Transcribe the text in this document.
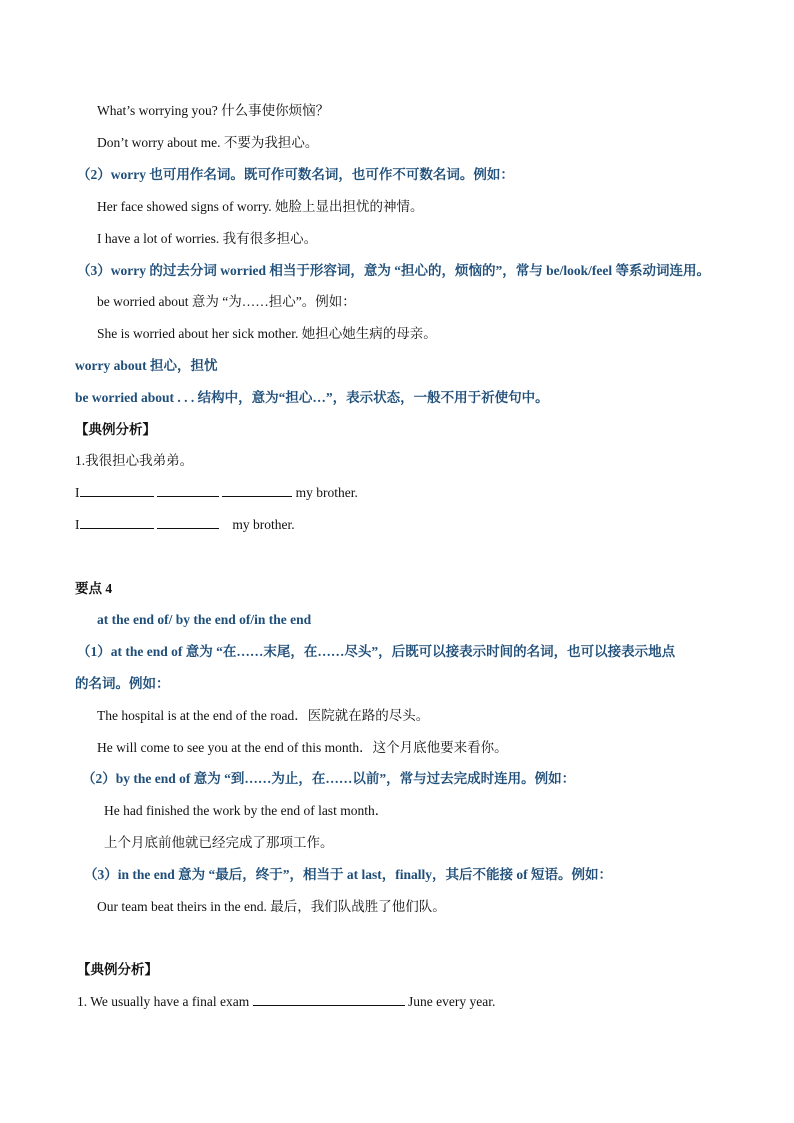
What’s worrying you? 什么事使你烦恼？
Don’t worry about me. 不要为我担心。
（2）worry 也可用作名词。既可作可数名词，也可作不可数名词。例如：
Her face showed signs of worry. 她脸上显出担忧的神情。
I have a lot of worries. 我有很多担心。
（3）worry 的过去分词 worried 相当于形容词，意为 “担心的，烦恼的”，常与 be/look/feel 等系动词连用。
be worried about 意为 “为……担心”。例如：
She is worried about her sick mother. 她担心她生病的母亲。
worry about 担心，担忧
be worried about . . . 结构中，意为“担心…”，表示状态，一般不用于祈使句中。
【典例分析】
1.我很担心我弟弟。
I	my brother.
I	my brother.
要点 4
at the end of/ by the end of/in the end
（1）at the end of 意为 “在……末尾，在……尽头”，后既可以接表示时间的名词，也可以接表示地点
的名词。例如：
The hospital is at the end of the road．医院就在路的尽头。
He will come to see you at the end of this month．这个月底他要来看你。
（2）by the end of 意为 “到……为止，在……以前”，常与过去完成时连用。例如：
He had finished the work by the end of last month．
上个月底前他就已经完成了那项工作。
（3）in the end 意为 “最后，终于”，相当于 at last，finally，其后不能接 of 短语。例如：
Our team beat theirs in the end. 最后，我们队战胜了他们队。
【典例分析】
1. We usually have a final exam	June every year.
